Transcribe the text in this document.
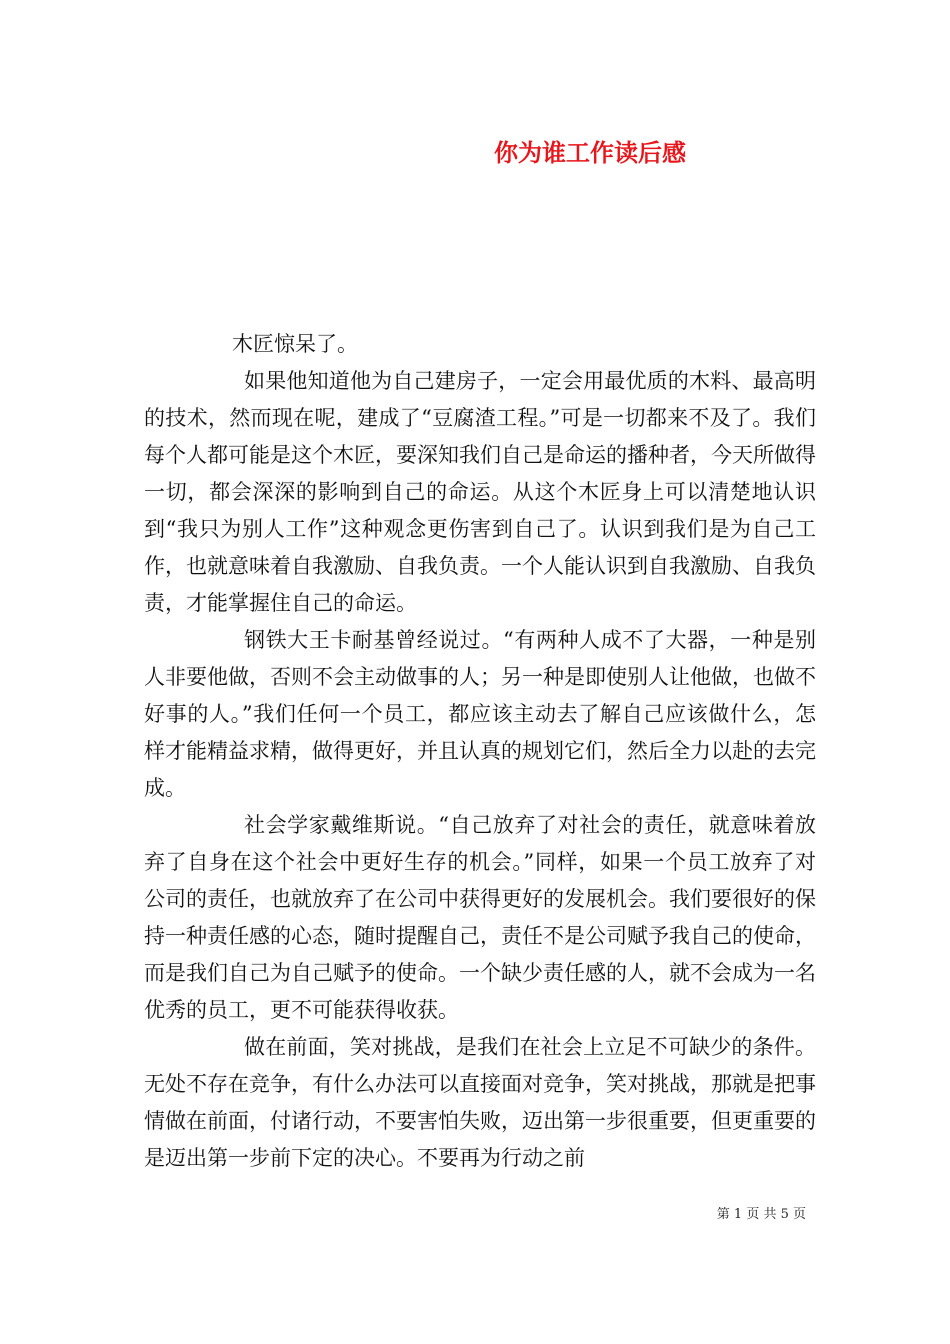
你为谁工作读后感

木匠惊呆了。

如果他知道他为自己建房子，一定会用最优质的木料、最高明的技术，然而现在呢，建成了“豆腐渣工程。”可是一切都来不及了。我们每个人都可能是这个木匠，要深知我们自己是命运的播种者，今天所做得一切，都会深深的影响到自己的命运。从这个木匠身上可以清楚地认识到“我只为别人工作”这种观念更伤害到自己了。认识到我们是为自己工作，也就意味着自我激励、自我负责。一个人能认识到自我激励、自我负责，才能掌握住自己的命运。

钢铁大王卡耐基曾经说过。“有两种人成不了大器，一种是别人非要他做，否则不会主动做事的人；另一种是即使别人让他做，也做不好事的人。”我们任何一个员工，都应该主动去了解自己应该做什么，怎样才能精益求精，做得更好，并且认真的规划它们，然后全力以赴的去完成。

社会学家戴维斯说。“自己放弃了对社会的责任，就意味着放弃了自身在这个社会中更好生存的机会。”同样，如果一个员工放弃了对公司的责任，也就放弃了在公司中获得更好的发展机会。我们要很好的保持一种责任感的心态，随时提醒自己，责任不是公司赋予我自己的使命，而是我们自己为自己赋予的使命。一个缺少责任感的人，就不会成为一名优秀的员工，更不可能获得收获。

做在前面，笑对挑战，是我们在社会上立足不可缺少的条件。无处不存在竞争，有什么办法可以直接面对竞争，笑对挑战，那就是把事情做在前面，付诸行动，不要害怕失败，迈出第一步很重要，但更重要的是迈出第一步前下定的决心。不要再为行动之前

第 1 页 共 5 页
